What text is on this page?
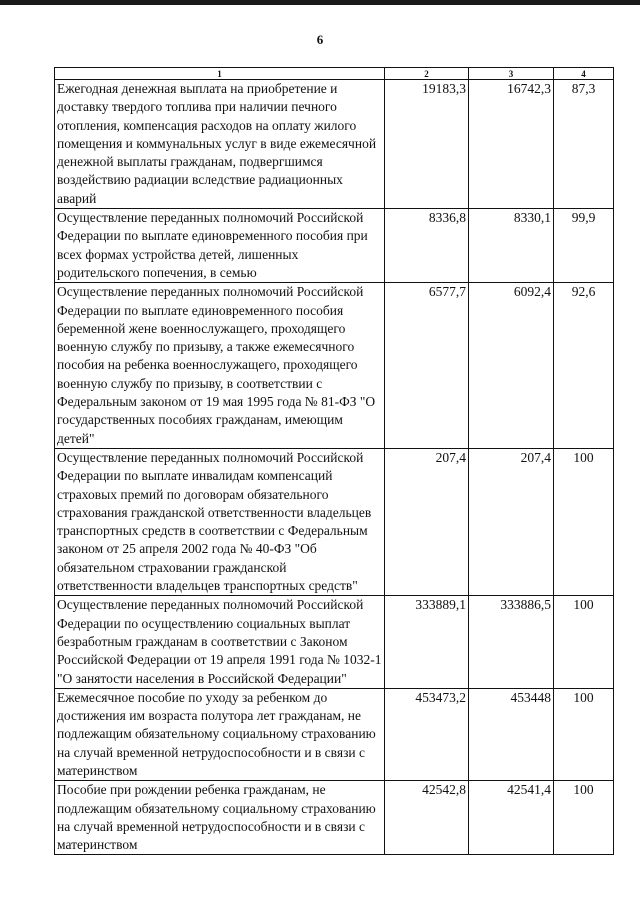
6
1	2	3	4
Ежегодная денежная выплата на приобретение и доставку твердого топлива при наличии печного отопления, компенсация расходов на оплату жилого помещения и коммунальных услуг в виде ежемесячной денежной выплаты гражданам, подвергшимся воздействию радиации вследствие радиационных аварий	19183,3	16742,3	87,3
Осуществление переданных полномочий Российской Федерации по выплате единовременного пособия при всех формах устройства детей, лишенных родительского попечения, в семью	8336,8	8330,1	99,9
Осуществление переданных полномочий Российской Федерации по выплате единовременного пособия беременной жене военнослужащего, проходящего военную службу по призыву, а также ежемесячного пособия на ребенка военнослужащего, проходящего военную службу по призыву, в соответствии с Федеральным законом от 19 мая 1995 года № 81-ФЗ "О государственных пособиях гражданам, имеющим детей"	6577,7	6092,4	92,6
Осуществление переданных полномочий Российской Федерации по выплате инвалидам компенсаций страховых премий по договорам обязательного страхования гражданской ответственности владельцев транспортных средств в соответствии с Федеральным законом от 25 апреля 2002 года № 40-ФЗ "Об обязательном страховании гражданской ответственности владельцев транспортных средств"	207,4	207,4	100
Осуществление переданных полномочий Российской Федерации по осуществлению социальных выплат безработным гражданам в соответствии с Законом Российской Федерации от 19 апреля 1991 года № 1032-1 "О занятости населения в Российской Федерации"	333889,1	333886,5	100
Ежемесячное пособие по уходу за ребенком до достижения им возраста полутора лет гражданам, не подлежащим обязательному социальному страхованию на случай временной нетрудоспособности и в связи с материнством	453473,2	453448	100
Пособие при рождении ребенка гражданам, не подлежащим обязательному социальному страхованию на случай временной нетрудоспособности и в связи с материнством	42542,8	42541,4	100
